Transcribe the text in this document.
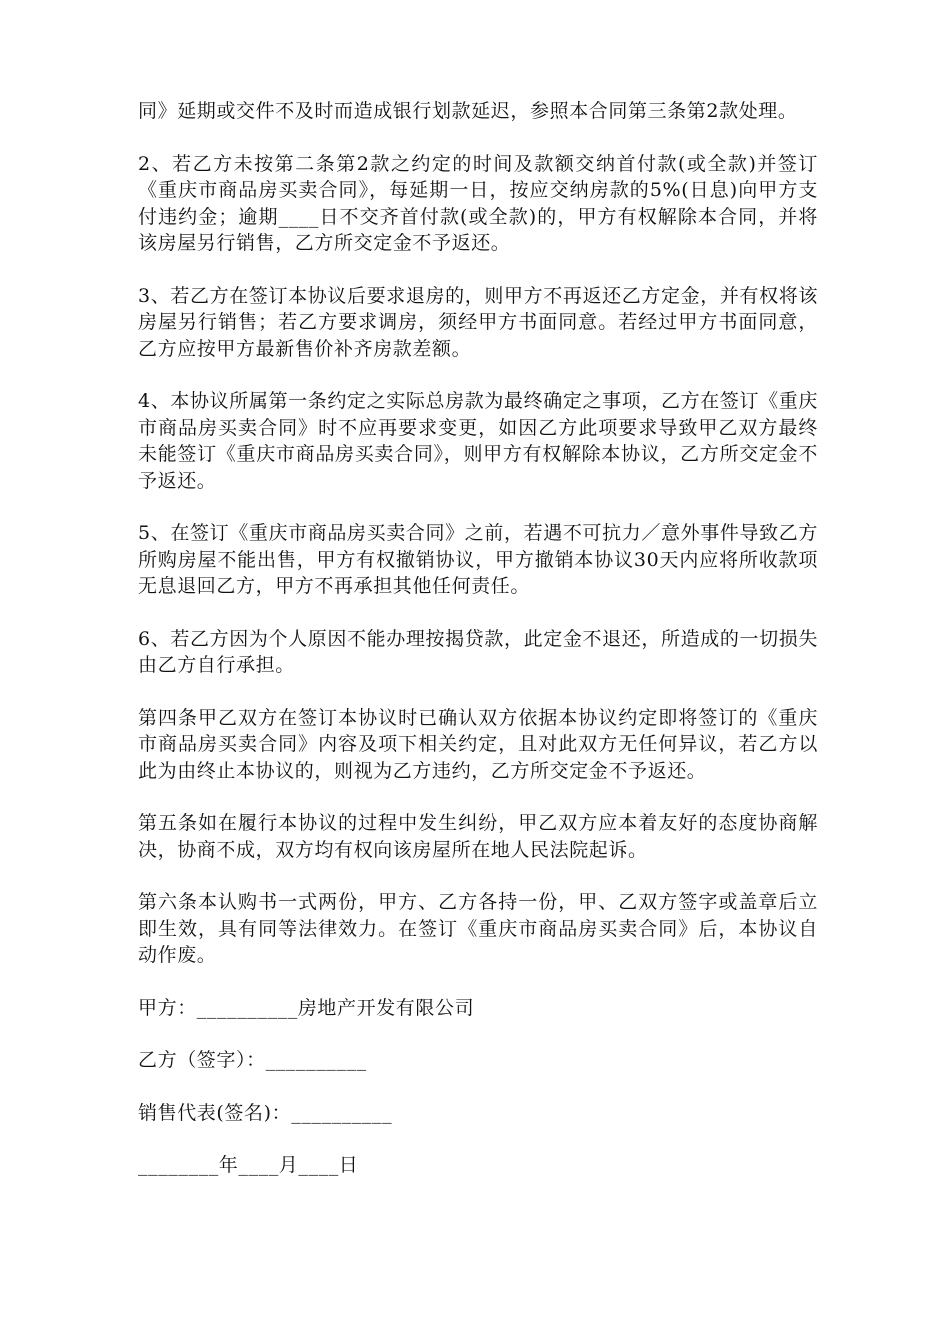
同》延期或交件不及时而造成银行划款延迟，参照本合同第三条第2款处理。

2、若乙方未按第二条第2款之约定的时间及款额交纳首付款(或全款)并签订《重庆市商品房买卖合同》，每延期一日，按应交纳房款的5%(日息)向甲方支付违约金；逾期____日不交齐首付款(或全款)的，甲方有权解除本合同，并将该房屋另行销售，乙方所交定金不予返还。

3、若乙方在签订本协议后要求退房的，则甲方不再返还乙方定金，并有权将该房屋另行销售；若乙方要求调房，须经甲方书面同意。若经过甲方书面同意，乙方应按甲方最新售价补齐房款差额。

4、本协议所属第一条约定之实际总房款为最终确定之事项，乙方在签订《重庆市商品房买卖合同》时不应再要求变更，如因乙方此项要求导致甲乙双方最终未能签订《重庆市商品房买卖合同》，则甲方有权解除本协议，乙方所交定金不予返还。

5、在签订《重庆市商品房买卖合同》之前，若遇不可抗力／意外事件导致乙方所购房屋不能出售，甲方有权撤销协议，甲方撤销本协议30天内应将所收款项无息退回乙方，甲方不再承担其他任何责任。

6、若乙方因为个人原因不能办理按揭贷款，此定金不退还，所造成的一切损失由乙方自行承担。

第四条甲乙双方在签订本协议时已确认双方依据本协议约定即将签订的《重庆市商品房买卖合同》内容及项下相关约定，且对此双方无任何异议，若乙方以此为由终止本协议的，则视为乙方违约，乙方所交定金不予返还。

第五条如在履行本协议的过程中发生纠纷，甲乙双方应本着友好的态度协商解决，协商不成，双方均有权向该房屋所在地人民法院起诉。

第六条本认购书一式两份，甲方、乙方各持一份，甲、乙双方签字或盖章后立即生效，具有同等法律效力。在签订《重庆市商品房买卖合同》后，本协议自动作废。

甲方：__________房地产开发有限公司

乙方（签字）：__________

销售代表(签名)：__________

________年____月____日
